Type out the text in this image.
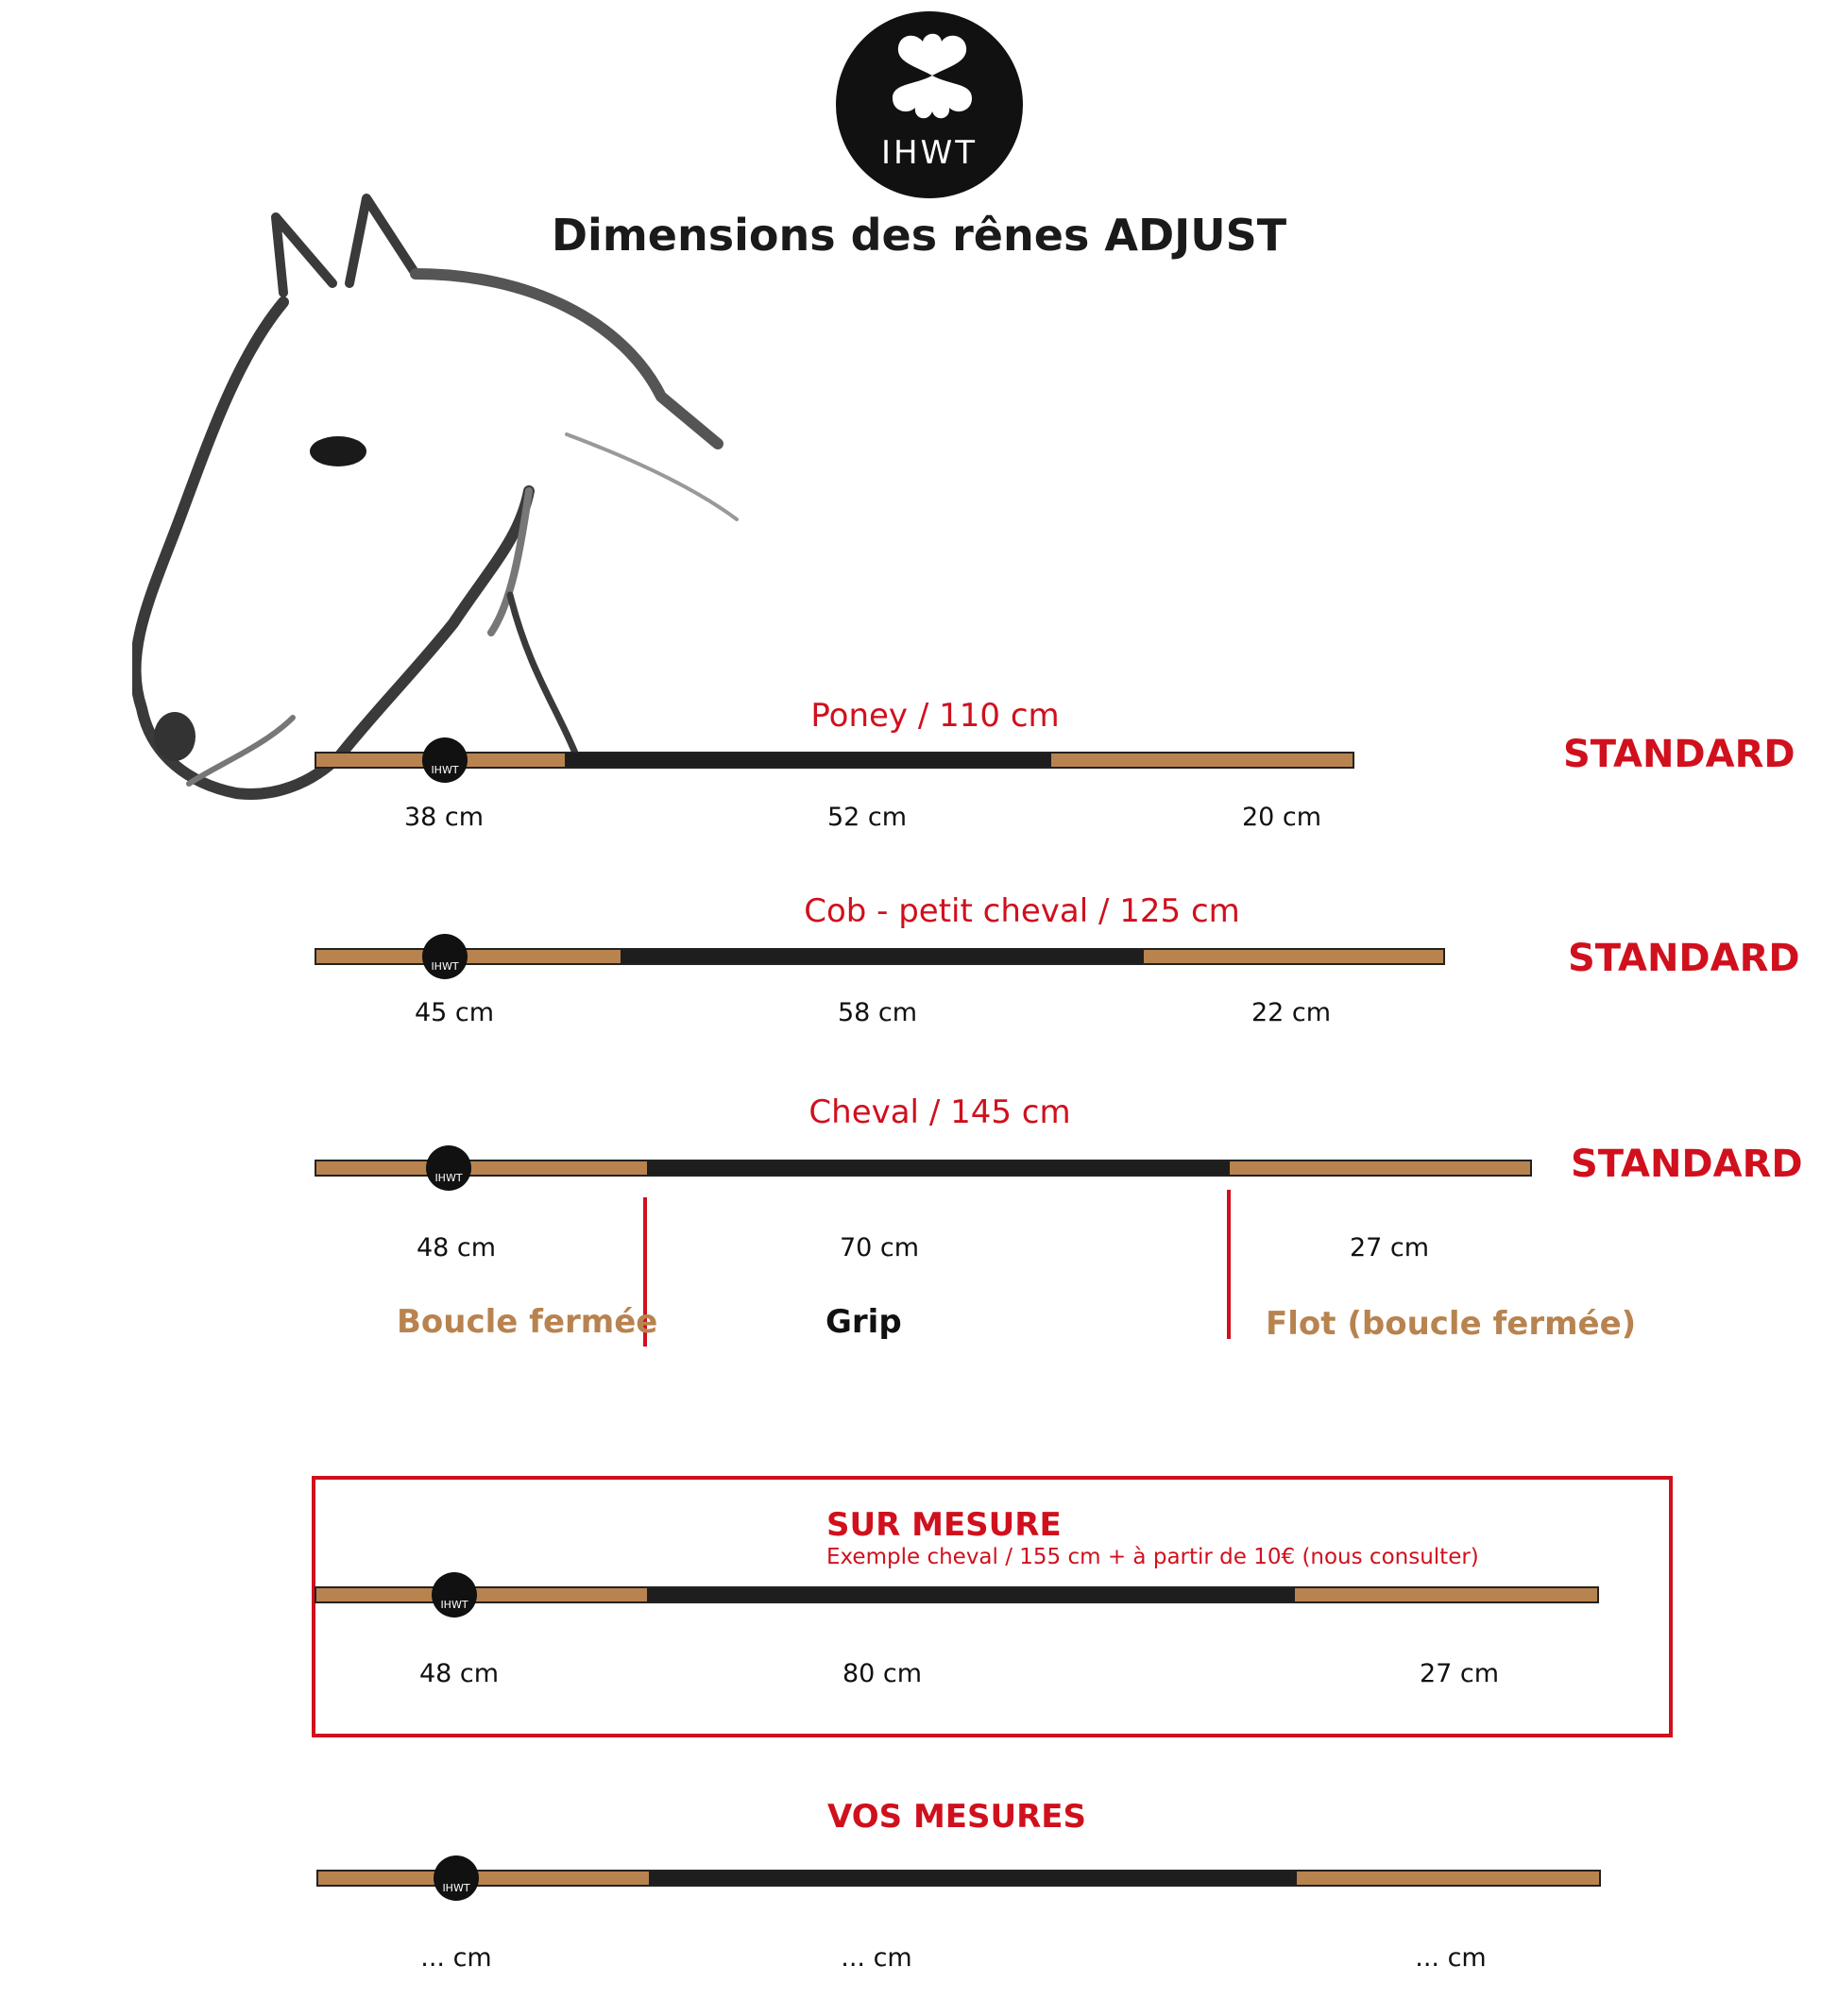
IHWT
Dimensions des rênes ADJUST
Poney / 110 cm
STANDARD
IHWT
38 cm	52 cm	20 cm
Cob - petit cheval / 125 cm
STANDARD
IHWT
45 cm	58 cm	22 cm
Cheval / 145 cm
STANDARD
IHWT
48 cm	70 cm	27 cm
Boucle fermée	Grip	Flot (boucle fermée)
SUR MESURE
Exemple cheval / 155 cm + à partir de 10€ (nous consulter)
IHWT
48 cm	80 cm	27 cm
VOS MESURES
IHWT
... cm	... cm	... cm
